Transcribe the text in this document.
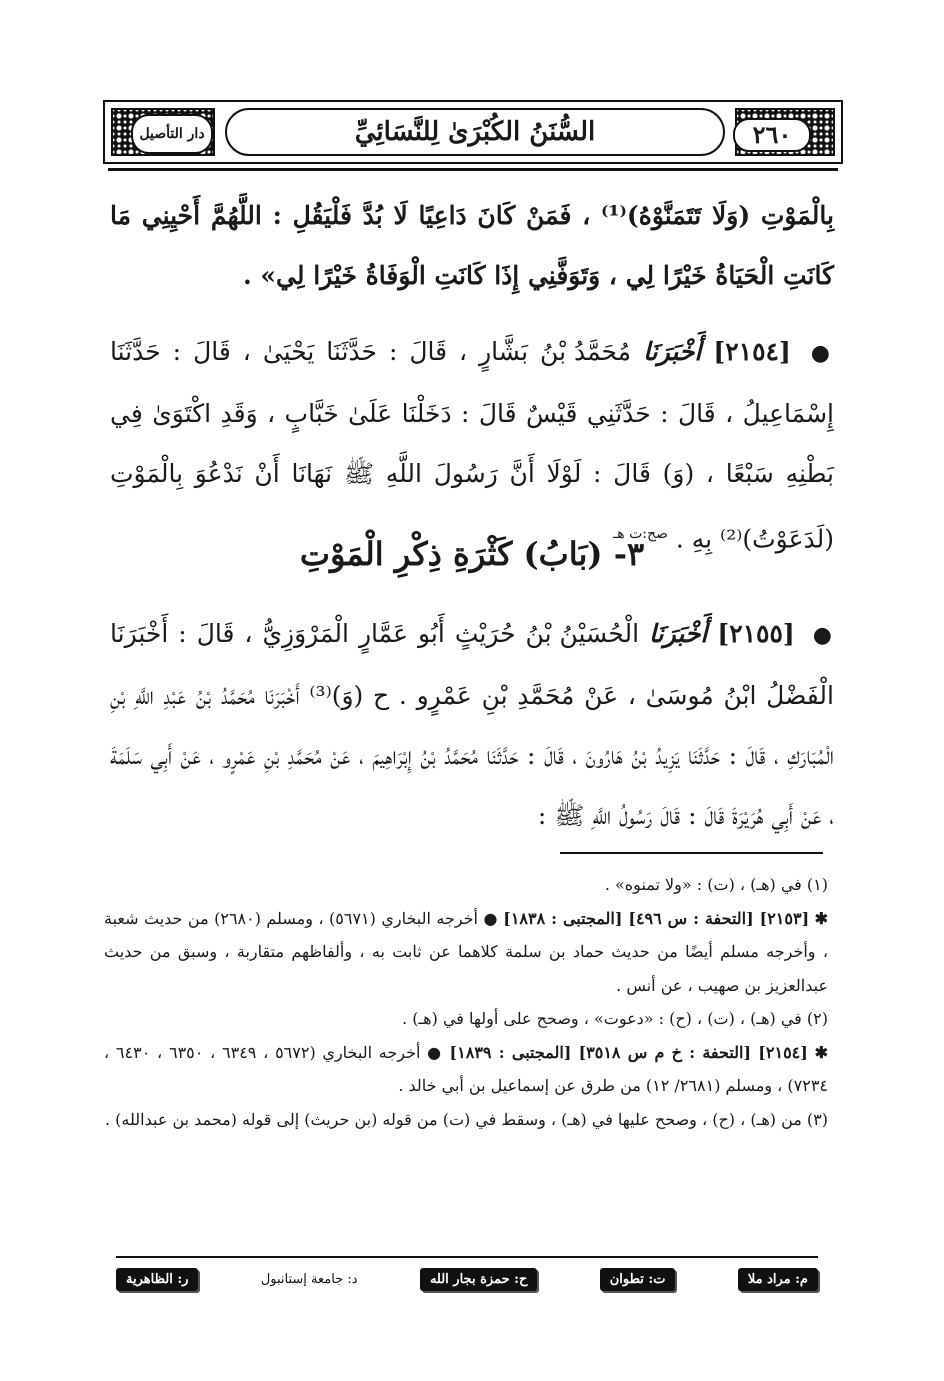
٢٦٠
السُّنَنُ الكُبْرَىٰ لِلنَّسَائِيِّ
دار التأصيل
بِالْمَوْتِ (وَلَا تَتَمَنَّوْهُ)⁽¹⁾ ، فَمَنْ كَانَ دَاعِيًا لَا بُدَّ فَلْيَقُلِ : اللَّهُمَّ أَحْيِنِي مَا كَانَتِ الْحَيَاةُ خَيْرًا لِي ، وَتَوَفَّنِي إِذَا كَانَتِ الْوَفَاةُ خَيْرًا لِي» .
● [٢١٥٤] أَخْبَرَنَا مُحَمَّدُ بْنُ بَشَّارٍ ، قَالَ : حَدَّثَنَا يَحْيَىٰ ، قَالَ : حَدَّثَنَا إِسْمَاعِيلُ ، قَالَ : حَدَّثَنِي قَيْسٌ قَالَ : دَخَلْنَا عَلَىٰ خَبَّابٍ ، وَقَدِ اكْتَوَىٰ فِي بَطْنِهِ سَبْعًا ، (وَ) قَالَ : لَوْلَا أَنَّ رَسُولَ اللَّهِ ﷺ نَهَانَا أَنْ نَدْعُوَ بِالْمَوْتِ (لَدَعَوْتُ)⁽²⁾ بِهِ . $^{صح:ت هـ}$
٣- (بَابُ) كَثْرَةِ ذِكْرِ الْمَوْتِ
● [٢١٥٥] أَخْبَرَنَا الْحُسَيْنُ بْنُ حُرَيْثٍ أَبُو عَمَّارٍ الْمَرْوَزِيُّ ، قَالَ : أَخْبَرَنَا الْفَضْلُ ابْنُ مُوسَىٰ ، عَنْ مُحَمَّدِ بْنِ عَمْرٍو . ح (وَ)⁽³⁾ أَخْبَرَنَا مُحَمَّدُ بْنُ عَبْدِ اللَّهِ بْنِ الْمُبَارَكِ ، قَالَ : حَدَّثَنَا يَزِيدُ بْنُ هَارُونَ ، قَالَ : حَدَّثَنَا مُحَمَّدُ بْنُ إِبْرَاهِيمَ ، عَنْ مُحَمَّدِ بْنِ عَمْرٍو ، عَنْ أَبِي سَلَمَةَ ، عَنْ أَبِي هُرَيْرَةَ قَالَ : قَالَ رَسُولُ اللَّهِ ﷺ :

(١) في (هـ) ، (ت) : «ولا تمنوه» .

✱ [٢١٥٣] [التحفة : س ٤٩٦] [المجتبى : ١٨٣٨] ● أخرجه البخاري (٥٦٧١) ، ومسلم (٢٦٨٠) من حديث شعبة ، وأخرجه مسلم أيضًا من حديث حماد بن سلمة كلاهما عن ثابت به ، وألفاظهم متقاربة ، وسبق من حديث عبدالعزيز بن صهيب ، عن أنس .

(٢) في (هـ) ، (ت) ، (ح) : «دعوت» ، وصحح على أولها في (هـ) .

✱ [٢١٥٤] [التحفة : خ م س ٣٥١٨] [المجتبى : ١٨٣٩] ● أخرجه البخاري (٥٦٧٢ ، ٦٣٤٩ ، ٦٣٥٠ ، ٦٤٣٠ ، ٧٢٣٤) ، ومسلم (٢٦٨١/ ١٢) من طرق عن إسماعيل بن أبي خالد .

(٣) من (هـ) ، (ح) ، وصحح عليها في (هـ) ، وسقط في (ت) من قوله (بن حريث) إلى قوله (محمد بن عبدالله) .

م: مراد ملا
ت: تطوان
ح: حمزة بجار الله
د: جامعة إستانبول
ر: الظاهرية
